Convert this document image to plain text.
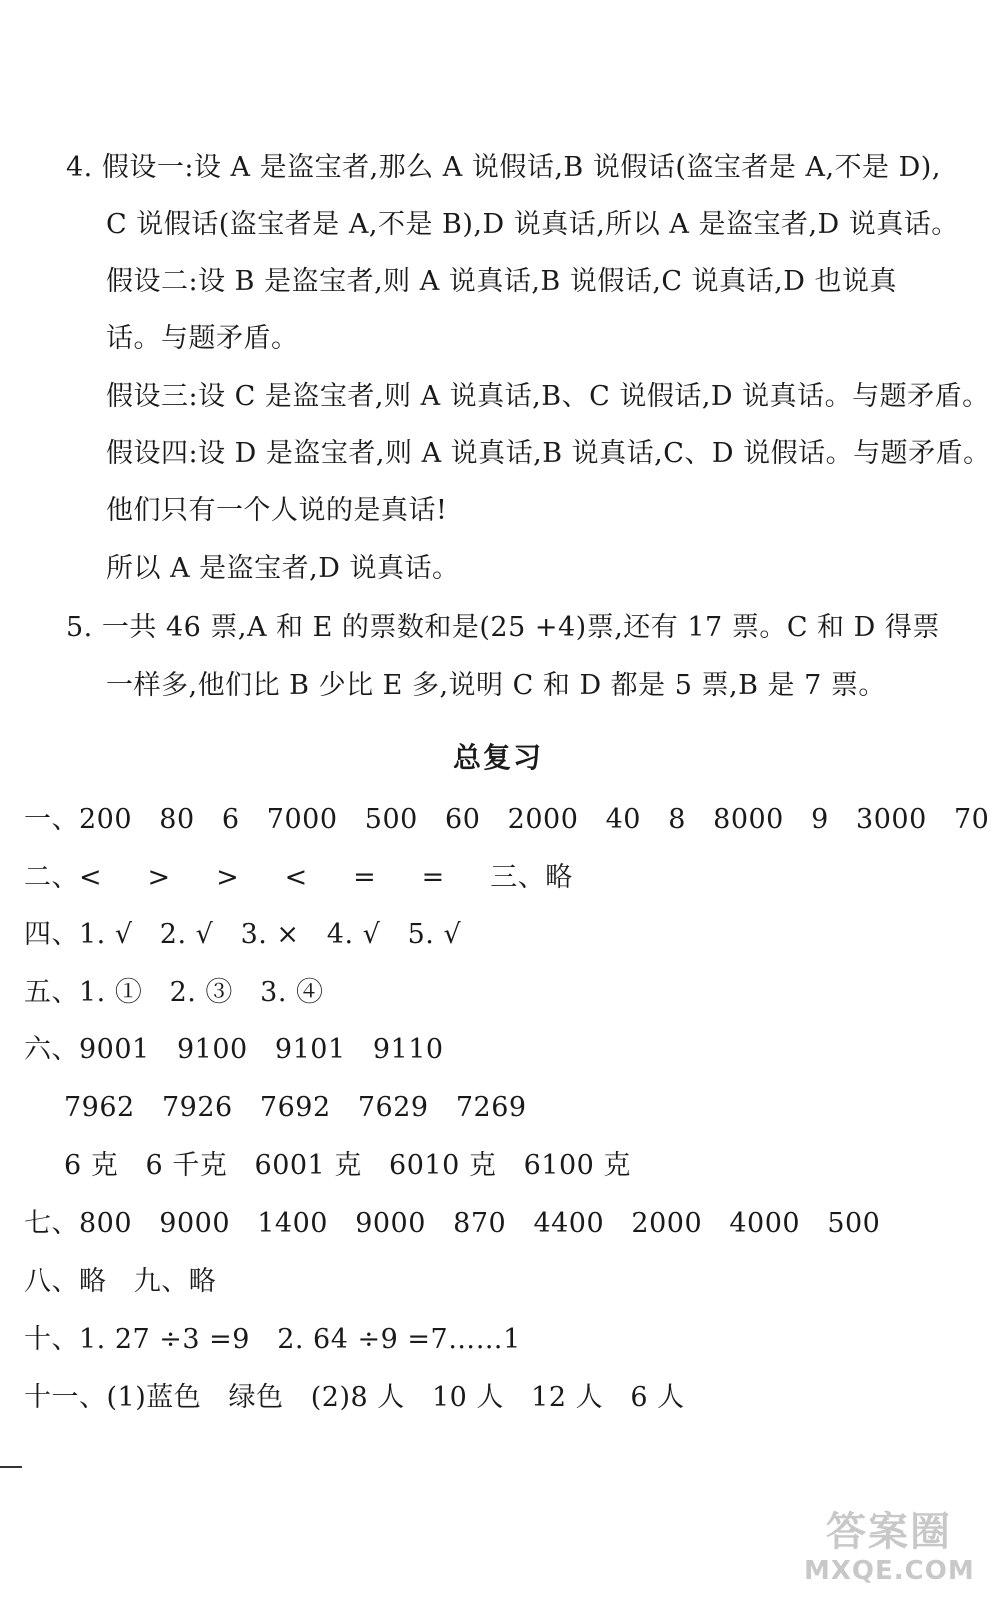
4. 假设一:设 A 是盗宝者,那么 A 说假话,B 说假话(盗宝者是 A,不是 D),
C 说假话(盗宝者是 A,不是 B),D 说真话,所以 A 是盗宝者,D 说真话。
假设二:设 B 是盗宝者,则 A 说真话,B 说假话,C 说真话,D 也说真
话。与题矛盾。
假设三:设 C 是盗宝者,则 A 说真话,B、C 说假话,D 说真话。与题矛盾。
假设四:设 D 是盗宝者,则 A 说真话,B 说真话,C、D 说假话。与题矛盾。
他们只有一个人说的是真话!
所以 A 是盗宝者,D 说真话。
5. 一共 46 票,A 和 E 的票数和是(25 +4)票,还有 17 票。C 和 D 得票
一样多,他们比 B 少比 E 多,说明 C 和 D 都是 5 票,B 是 7 票。
总复习
一、200   80   6   7000   500   60   2000   40   8   8000   9   3000   70
二、<     >     >     <     =     =     三、略
四、1. √   2. √   3. ×   4. √   5. √
五、1. ①   2. ③   3. ④
六、9001   9100   9101   9110
7962   7926   7692   7629   7269
6 克   6 千克   6001 克   6010 克   6100 克
七、800   9000   1400   9000   870   4400   2000   4000   500
八、略   九、略
十、1. 27 ÷3 =9   2. 64 ÷9 =7……1
十一、(1)蓝色   绿色   (2)8 人   10 人   12 人   6 人
答案圈
MXQE.COM
